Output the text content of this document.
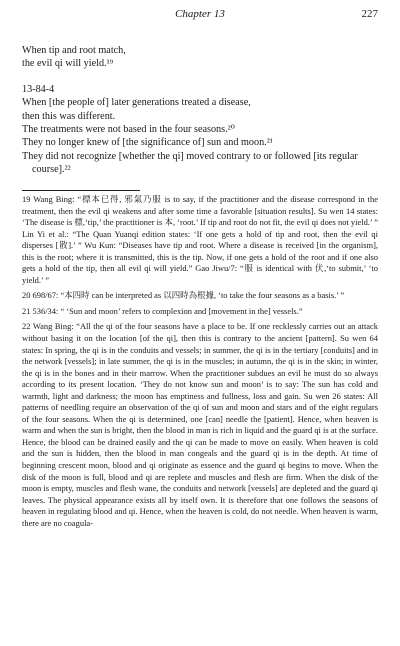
Chapter 13	227
When tip and root match,
the evil qi will yield.¹⁹
13-84-4
When [the people of] later generations treated a disease,
then this was different.
The treatments were not based in the four seasons.²⁰
They no longer knew of [the significance of] sun and moon.²¹
They did not recognize [whether the qi] moved contrary to or followed [its regular course].²²

19 Wang Bing: “標本已得, 邪氣乃服 is to say, if the practitioner and the disease correspond in the treatment, then the evil qi weakens and after some time a favorable [situation results]. Su wen 14 states: ‘The disease is 標,‘tip,’ the practitioner is 本, ‘root.’ If tip and root do not fit, the evil qi does not yield.’ ” Lin Yi et al.: “The Quan Yuanqi edition states: ‘If one gets a hold of tip and root, then the evil qi disperses [散].’ ” Wu Kun: “Diseases have tip and root. Where a disease is received [in the organism], this is the root; where it is transmitted, this is the tip. Now, if one gets a hold of the root and if one also gets a hold of the tip, then all evil qi will yield.” Gao Jiwu/7: “服 is identical with 伏,‘to submit,’ ‘to yield.’ ”

20 698/67: “本四時 can be interpreted as 以四時為根據, ‘to take the four seasons as a basis.’ ”

21 536/34: “ ‘Sun and moon’ refers to complexion and [movement in the] vessels.”

22 Wang Bing: “All the qi of the four seasons have a place to be. If one recklessly carries out an attack without basing it on the location [of the qi], then this is contrary to the ancient [pattern]. Su wen 64 states: In spring, the qi is in the conduits and vessels; in summer, the qi is in the tertiary [conduits] and in the network [vessels]; in late summer, the qi is in the muscles; in autumn, the qi is in the skin; in winter, the qi is in the bones and in their marrow. When the practitioner subdues an evil he must do so always according to its present location. ‘They do not know sun and moon’ is to say: The sun has cold and warmth, light and darkness; the moon has emptiness and fullness, loss and gain. Su wen 26 states: All patterns of needling require an observation of the qi of sun and moon and stars and of the eight regulars of the four seasons. When the qi is determined, one [can] needle the [patient]. Hence, when heaven is warm and when the sun is bright, then the blood in man is rich in liquid and the guard qi is at the surface. Hence, the blood can be drained easily and the qi can be made to move on easily. When heaven is cold and the sun is hidden, then the blood in man congeals and the guard qi is in the depth. At time of beginning crescent moon, blood and qi originate as essence and the guard qi begins to move. When the disk of the moon is full, blood and qi are replete and muscles and flesh are firm. When the disk of the moon is empty, muscles and flesh wane, the conduits and network [vessels] are depleted and the guard qi leaves. The physical appearance exists all by itself own. It is therefore that one follows the seasons of heaven in regulating blood and qi. Hence, when the heaven is cold, do not needle. When heaven is warm, there are no coagula-
